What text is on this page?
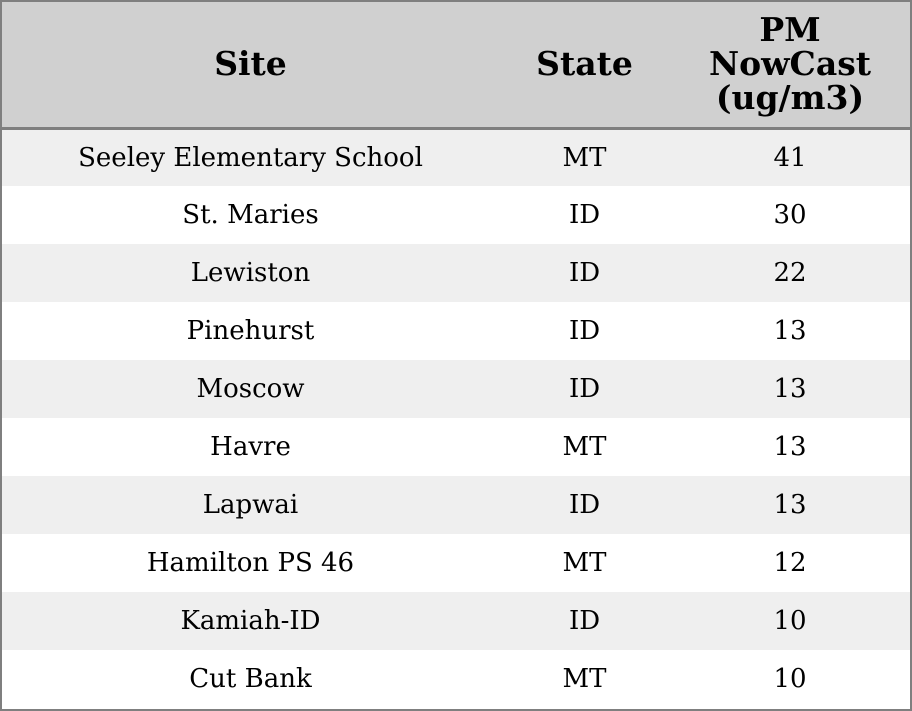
Site	State	PM
NowCast
(ug/m3)

Seeley Elementary School	MT	41
St. Maries	ID	30
Lewiston	ID	22
Pinehurst	ID	13
Moscow	ID	13
Havre	MT	13
Lapwai	ID	13
Hamilton PS 46	MT	12
Kamiah-ID	ID	10
Cut Bank	MT	10
